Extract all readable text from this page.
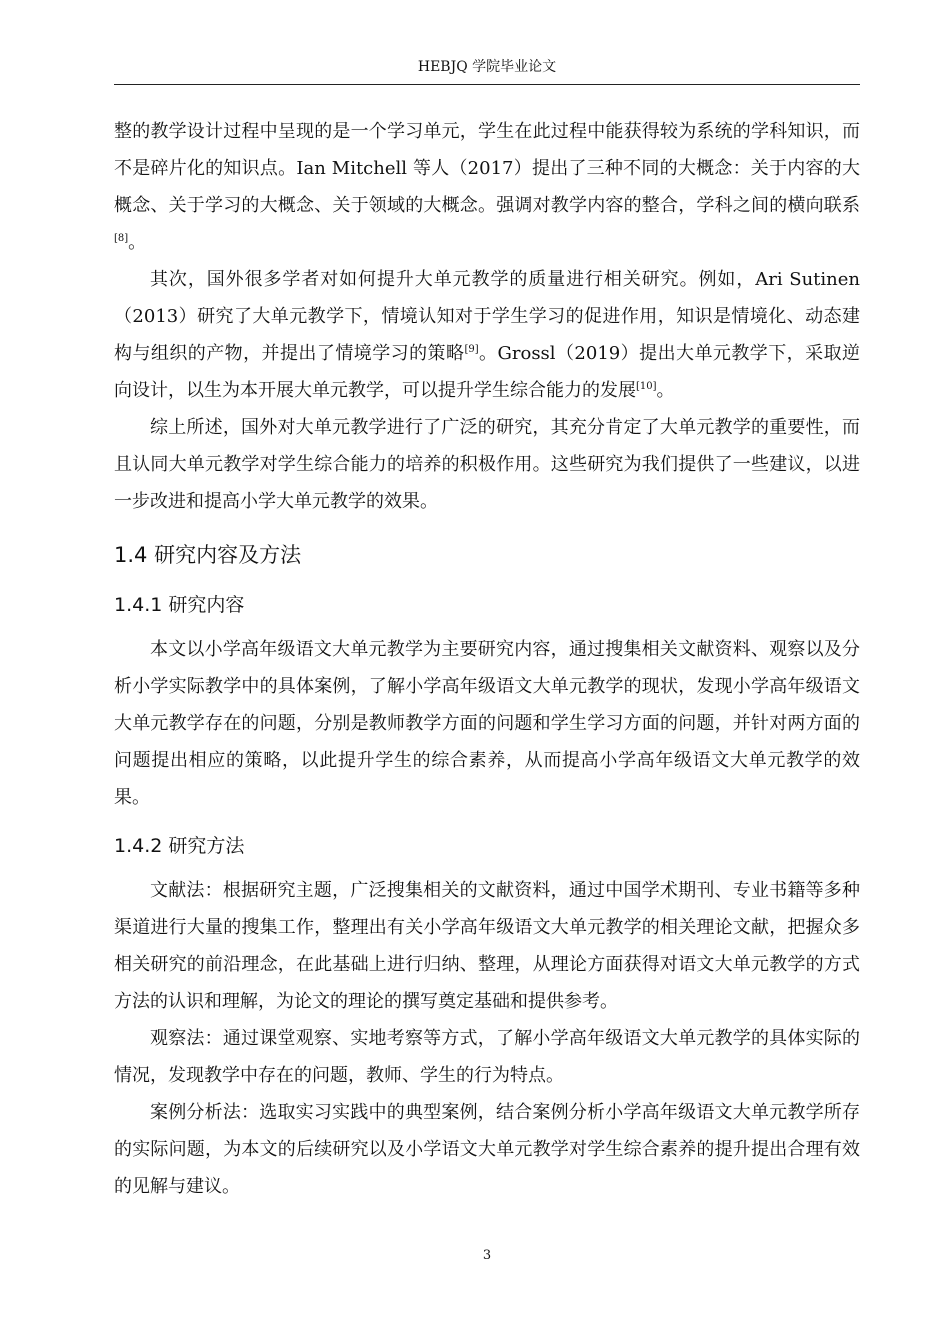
HEBJQ 学院毕业论文

整的教学设计过程中呈现的是一个学习单元，学生在此过程中能获得较为系统的学科知识，而不是碎片化的知识点。Ian Mitchell 等人（2017）提出了三种不同的大概念：关于内容的大概念、关于学习的大概念、关于领域的大概念。强调对教学内容的整合，学科之间的横向联系[8]。

其次，国外很多学者对如何提升大单元教学的质量进行相关研究。例如，Ari Sutinen（2013）研究了大单元教学下，情境认知对于学生学习的促进作用，知识是情境化、动态建构与组织的产物，并提出了情境学习的策略[9]。Grossl（2019）提出大单元教学下，采取逆向设计，以生为本开展大单元教学，可以提升学生综合能力的发展[10]。

综上所述，国外对大单元教学进行了广泛的研究，其充分肯定了大单元教学的重要性，而且认同大单元教学对学生综合能力的培养的积极作用。这些研究为我们提供了一些建议，以进一步改进和提高小学大单元教学的效果。

1.4 研究内容及方法
1.4.1 研究内容

本文以小学高年级语文大单元教学为主要研究内容，通过搜集相关文献资料、观察以及分析小学实际教学中的具体案例，了解小学高年级语文大单元教学的现状，发现小学高年级语文大单元教学存在的问题，分别是教师教学方面的问题和学生学习方面的问题，并针对两方面的问题提出相应的策略，以此提升学生的综合素养，从而提高小学高年级语文大单元教学的效果。

1.4.2 研究方法

文献法：根据研究主题，广泛搜集相关的文献资料，通过中国学术期刊、专业书籍等多种渠道进行大量的搜集工作，整理出有关小学高年级语文大单元教学的相关理论文献，把握众多相关研究的前沿理念，在此基础上进行归纳、整理，从理论方面获得对语文大单元教学的方式方法的认识和理解，为论文的理论的撰写奠定基础和提供参考。

观察法：通过课堂观察、实地考察等方式，了解小学高年级语文大单元教学的具体实际的情况，发现教学中存在的问题，教师、学生的行为特点。

案例分析法：选取实习实践中的典型案例，结合案例分析小学高年级语文大单元教学所存的实际问题，为本文的后续研究以及小学语文大单元教学对学生综合素养的提升提出合理有效的见解与建议。

3
